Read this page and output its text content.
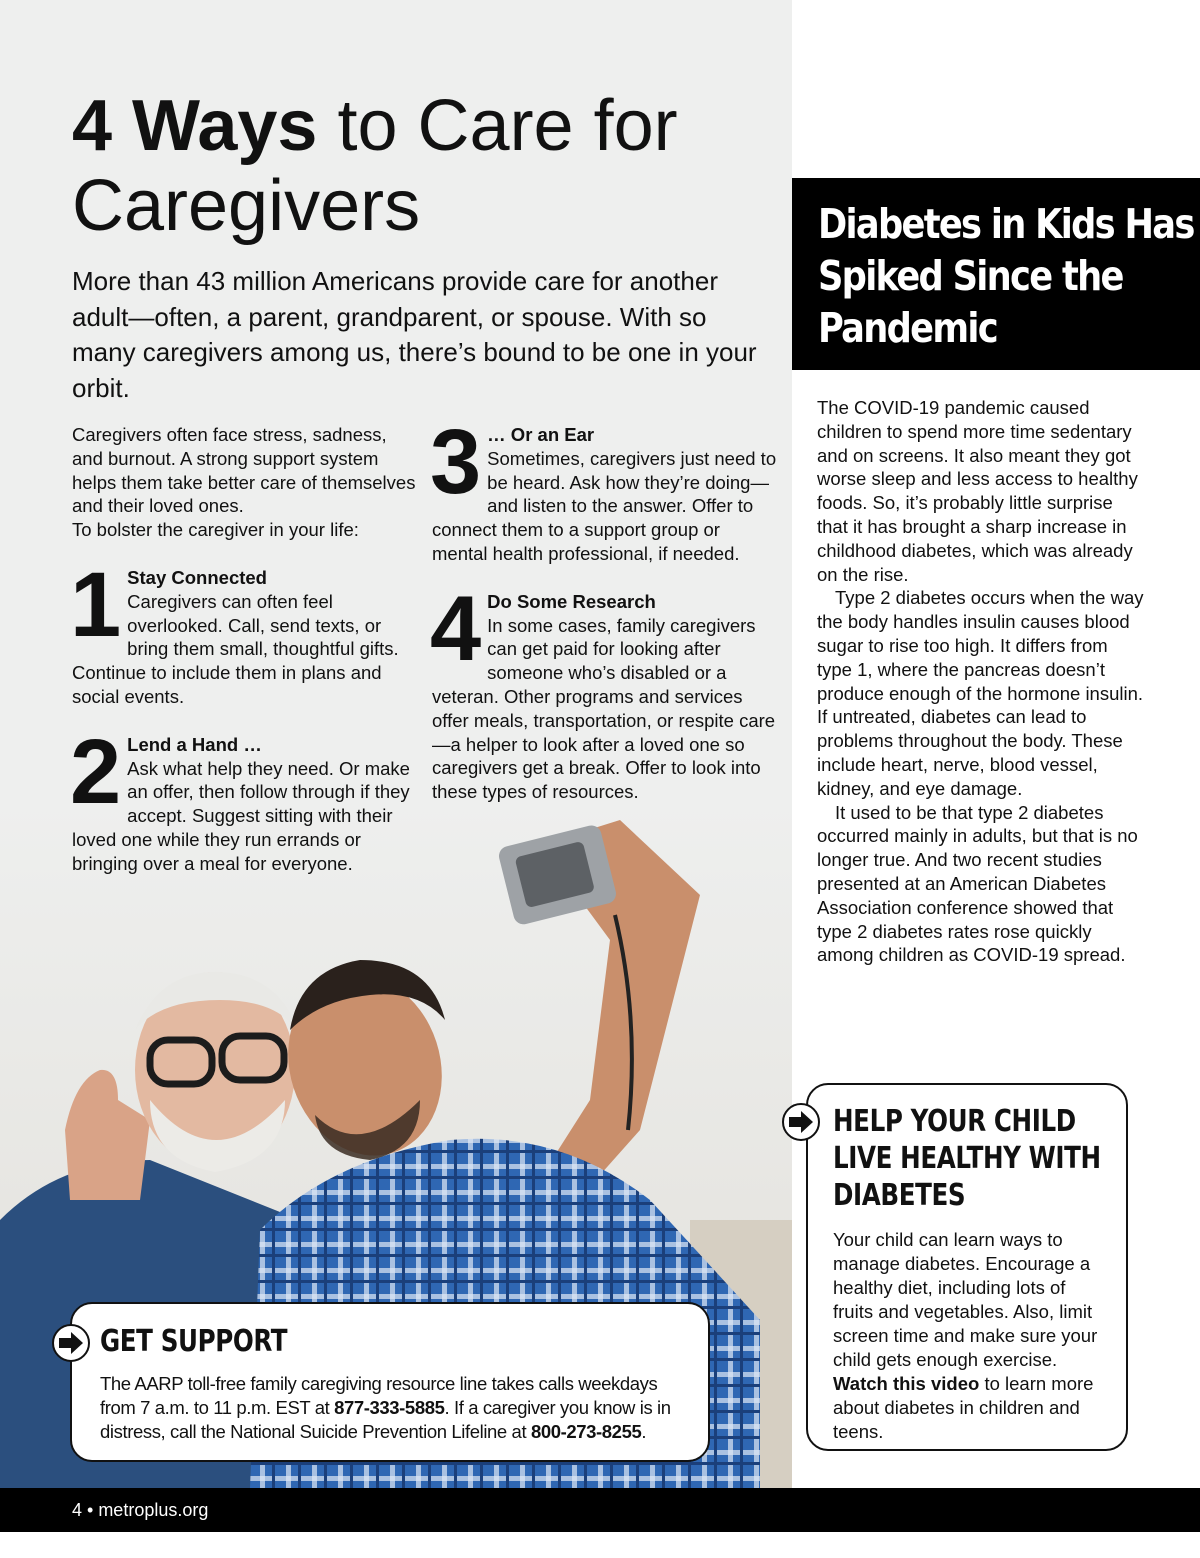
4 Ways to Care for Caregivers

More than 43 million Americans provide care for another adult—often, a parent, grandparent, or spouse. With so many caregivers among us, there’s bound to be one in your orbit.

Caregivers often face stress, sadness, and burnout. A strong support system helps them take better care of themselves and their loved ones.
To bolster the caregiver in your life:

1 Stay Connected
Caregivers can often feel overlooked. Call, send texts, or bring them small, thoughtful gifts. Continue to include them in plans and social events.
2 Lend a Hand …
Ask what help they need. Or make an offer, then follow through if they accept. Suggest sitting with their loved one while they run errands or bringing over a meal for everyone.
3 … Or an Ear
Sometimes, caregivers just need to be heard. Ask how they’re doing—and listen to the answer. Offer to connect them to a support group or mental health professional, if needed.
4 Do Some Research
In some cases, family caregivers can get paid for looking after someone who’s disabled or a veteran. Other programs and services offer meals, transportation, or respite care—a helper to look after a loved one so caregivers get a break. Offer to look into these types of resources.
GET SUPPORT

The AARP toll-free family caregiving resource line takes calls weekdays from 7 a.m. to 11 p.m. EST at 877-333-5885. If a caregiver you know is in distress, call the National Suicide Prevention Lifeline at 800-273-8255.

Diabetes in Kids Has Spiked Since the Pandemic

The COVID-19 pandemic caused children to spend more time sedentary and on screens. It also meant they got worse sleep and less access to healthy foods. So, it’s probably little surprise that it has brought a sharp increase in childhood diabetes, which was already on the rise.

Type 2 diabetes occurs when the way the body handles insulin causes blood sugar to rise too high. It differs from type 1, where the pancreas doesn’t produce enough of the hormone insulin. If untreated, diabetes can lead to problems throughout the body. These include heart, nerve, blood vessel, kidney, and eye damage.

It used to be that type 2 diabetes occurred mainly in adults, but that is no longer true. And two recent studies presented at an American Diabetes Association conference showed that type 2 diabetes rates rose quickly among children as COVID-19 spread.

HELP YOUR CHILD LIVE HEALTHY WITH DIABETES

Your child can learn ways to manage diabetes. Encourage a healthy diet, including lots of fruits and vegetables. Also, limit screen time and make sure your child gets enough exercise. Watch this video to learn more about diabetes in children and teens.

4 • metroplus.org
